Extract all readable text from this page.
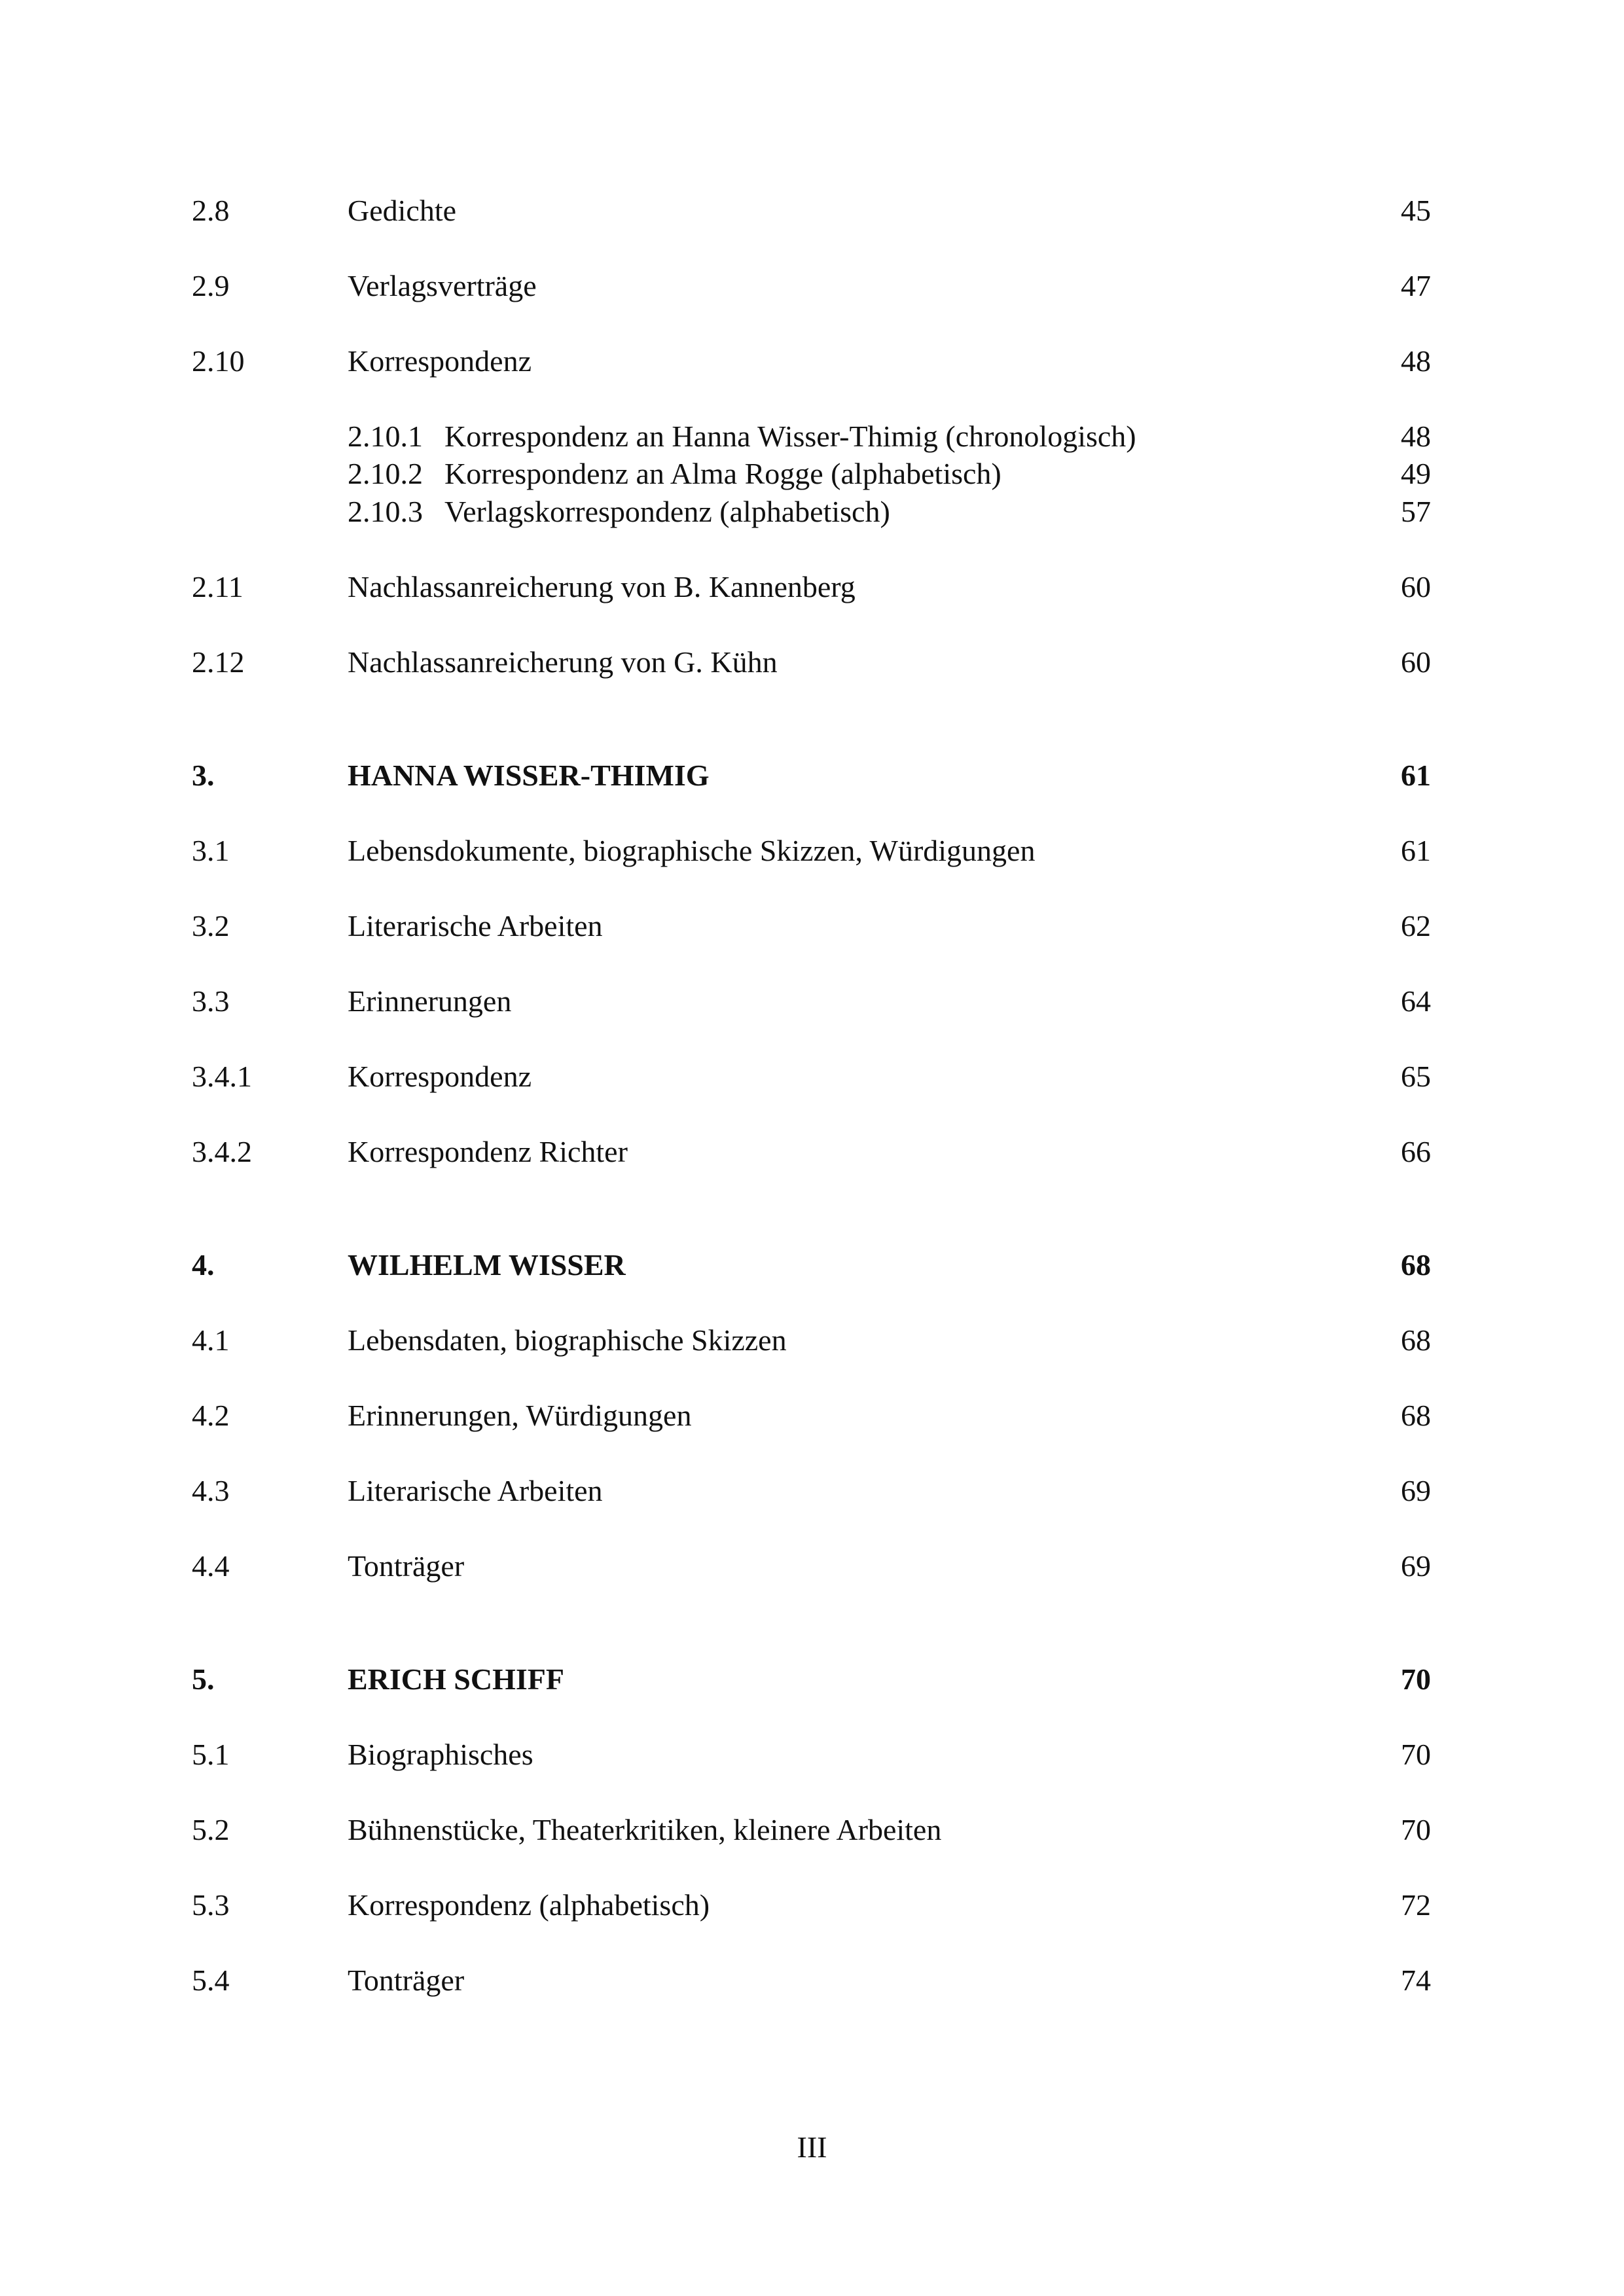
2.8	Gedichte	45
2.9	Verlagsverträge	47
2.10	Korrespondenz	48
2.10.1 Korrespondenz an Hanna Wisser-Thimig (chronologisch)	48
2.10.2 Korrespondenz an Alma Rogge (alphabetisch)	49
2.10.3 Verlagskorrespondenz (alphabetisch)	57
2.11	Nachlassanreicherung von B. Kannenberg	60
2.12	Nachlassanreicherung von G. Kühn	60
3.	HANNA WISSER-THIMIG	61
3.1	Lebensdokumente, biographische Skizzen, Würdigungen	61
3.2	Literarische Arbeiten	62
3.3	Erinnerungen	64
3.4.1	Korrespondenz	65
3.4.2	Korrespondenz Richter	66
4.	WILHELM WISSER	68
4.1	Lebensdaten, biographische Skizzen	68
4.2	Erinnerungen, Würdigungen	68
4.3	Literarische Arbeiten	69
4.4	Tonträger	69
5.	ERICH SCHIFF	70
5.1	Biographisches	70
5.2	Bühnenstücke, Theaterkritiken, kleinere Arbeiten	70
5.3	Korrespondenz (alphabetisch)	72
5.4	Tonträger	74
III
